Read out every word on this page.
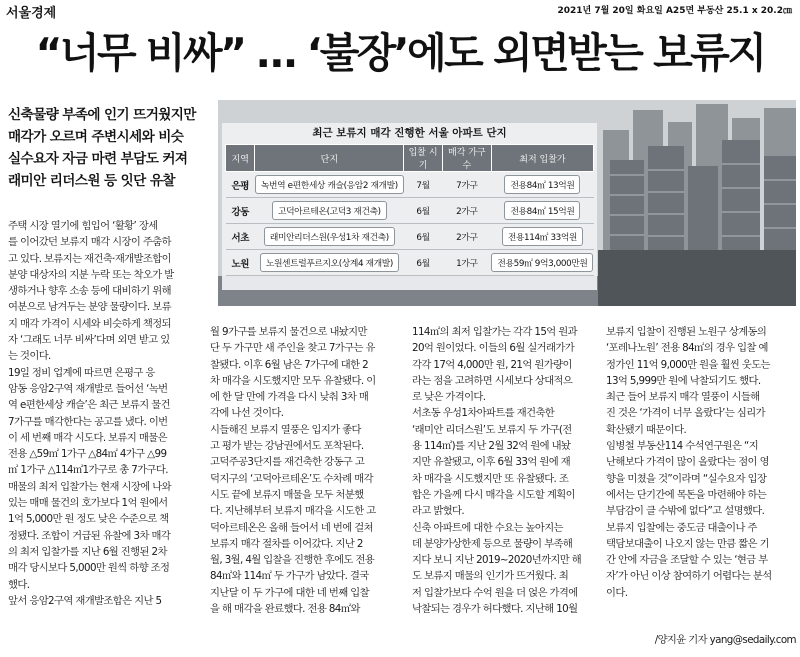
서울경제	2021년 7월 20일 화요일 A25면 부동산 25.1 x 20.2㎝
“너무 비싸” … ‘불장’에도 외면받는 보류지
신축물량 부족에 인기 뜨거웠지만
매각가 오르며 주변시세와 비슷
실수요자 자금 마련 부담도 커져
래미안 리더스원 등 잇단 유찰
최근 보류지 매각 진행한 서울 아파트 단지
지역	단지	입찰 시기	매각 가구 수	최저 입찰가
은평	녹번역 e편한세상 캐슬(응암2 재개발)	7월	7가구	전용84㎡ 13억원
강동	고덕아르테온(고덕3 재건축)	6월	2가구	전용84㎡ 15억원
서초	래미안리더스원(우성1차 재건축)	6월	2가구	전용114㎡ 33억원
노원	노원센트럴푸르지오(상계4 재개발)	6월	1가구	전용59㎡ 9억3,000만원

주택 시장 열기에 힘입어 ‘활황’ 장세

를 이어갔던 보류지 매각 시장이 주춤하

고 있다. 보류지는 재건축·재개발조합이

분양 대상자의 지분 누락 또는 착오가 발

생하거나 향후 소송 등에 대비하기 위해

여분으로 남겨두는 분양 물량이다. 보류

지 매각 가격이 시세와 비슷하게 책정되

자 ‘그래도 너무 비싸’다며 외면 받고 있

는 것이다.

19일 정비 업계에 따르면 은평구 응

암동 응암2구역 재개발로 들어선 ‘녹번

역 e편한세상 캐슬’은 최근 보류지 물건

7가구를 매각한다는 공고를 냈다. 이번

이 세 번째 매각 시도다. 보류지 매물은

전용 △59㎡ 1가구 △84㎡ 4가구 △99

㎡ 1가구 △114㎡1가구로 총 7가구다.

매물의 최저 입찰가는 현재 시장에 나와

있는 매매 물건의 호가보다 1억 원에서

1억 5,000만 원 정도 낮은 수준으로 책

정됐다. 조합이 거급된 유찰에 3차 매각

의 최저 입찰가를 지난 6월 진행된 2차

매각 당시보다 5,000만 원씩 하향 조정

했다.

앞서 응암2구역 재개발조합은 지난 5

월 9가구를 보류지 물건으로 내놨지만

단 두 가구만 새 주인을 찾고 7가구는 유

찰됐다. 이후 6월 남은 7가구에 대한 2

차 매각을 시도했지만 모두 유찰됐다. 이

에 한 달 만에 가격을 다시 낮춰 3차 매

각에 나선 것이다.

시들해진 보류지 열풍은 입지가 좋다

고 평가 받는 강남권에서도 포착된다.

고덕주공3단지를 재건축한 강동구 고

덕지구의 ‘고덕아르테온’도 수차례 매각

시도 끝에 보류지 매물을 모두 처분했

다. 지난해부터 보류지 매각을 시도한 고

덕아르테온은 올해 들어서 네 번에 걸쳐

보류지 매각 절차를 이어갔다. 지난 2

월, 3월, 4월 입찰을 진행한 후에도 전용

84㎡와 114㎡ 두 가구가 남았다. 결국

지난달 이 두 가구에 대한 네 번째 입찰

을 해 매각을 완료했다. 전용 84㎡와

114㎡의 최저 입찰가는 각각 15억 원과

20억 원이었다. 이들의 6월 실거래가가

각각 17억 4,000만 원, 21억 원가량이

라는 점을 고려하면 시세보다 상대적으

로 낮은 가격이다.

서초동 우성1차아파트를 재건축한

‘래미안 리더스원’도 보류지 두 가구(전

용 114㎡)를 지난 2월 32억 원에 내놨

지만 유찰됐고, 이후 6월 33억 원에 재

차 매각을 시도했지만 또 유찰됐다. 조

합은 가을께 다시 매각을 시도할 계획이

라고 밝혔다.

신축 아파트에 대한 수요는 높아지는

데 분양가상한제 등으로 물량이 부족해

지다 보니 지난 2019~2020년까지만 해

도 보류지 매물의 인기가 뜨거웠다. 최

저 입찰가보다 수억 원을 더 얹은 가격에

낙찰되는 경우가 허다했다. 지난해 10월

보류지 입찰이 진행된 노원구 상계동의

‘포레나노원’ 전용 84㎡의 경우 입찰 예

정가인 11억 9,000만 원을 훨씬 웃도는

13억 5,999만 원에 낙찰되기도 했다.

최근 들어 보류지 매각 열풍이 시들해

진 것은 ‘가격이 너무 올랐다’는 심리가

확산됐기 때문이다.

임병철 부동산114 수석연구원은 “지

난해보다 가격이 많이 올랐다는 점이 영

향을 미쳤을 것”이라며 “실수요자 입장

에서는 단기간에 목돈을 마련해야 하는

부담감이 클 수밖에 없다”고 설명했다.

보류지 입찰에는 중도금 대출이나 주

택담보대출이 나오지 않는 만큼 짧은 기

간 안에 자금을 조달할 수 있는 ‘현금 부

자’가 아닌 이상 참여하기 어렵다는 분석

이다.

/양지윤 기자 yang@sedaily.com
